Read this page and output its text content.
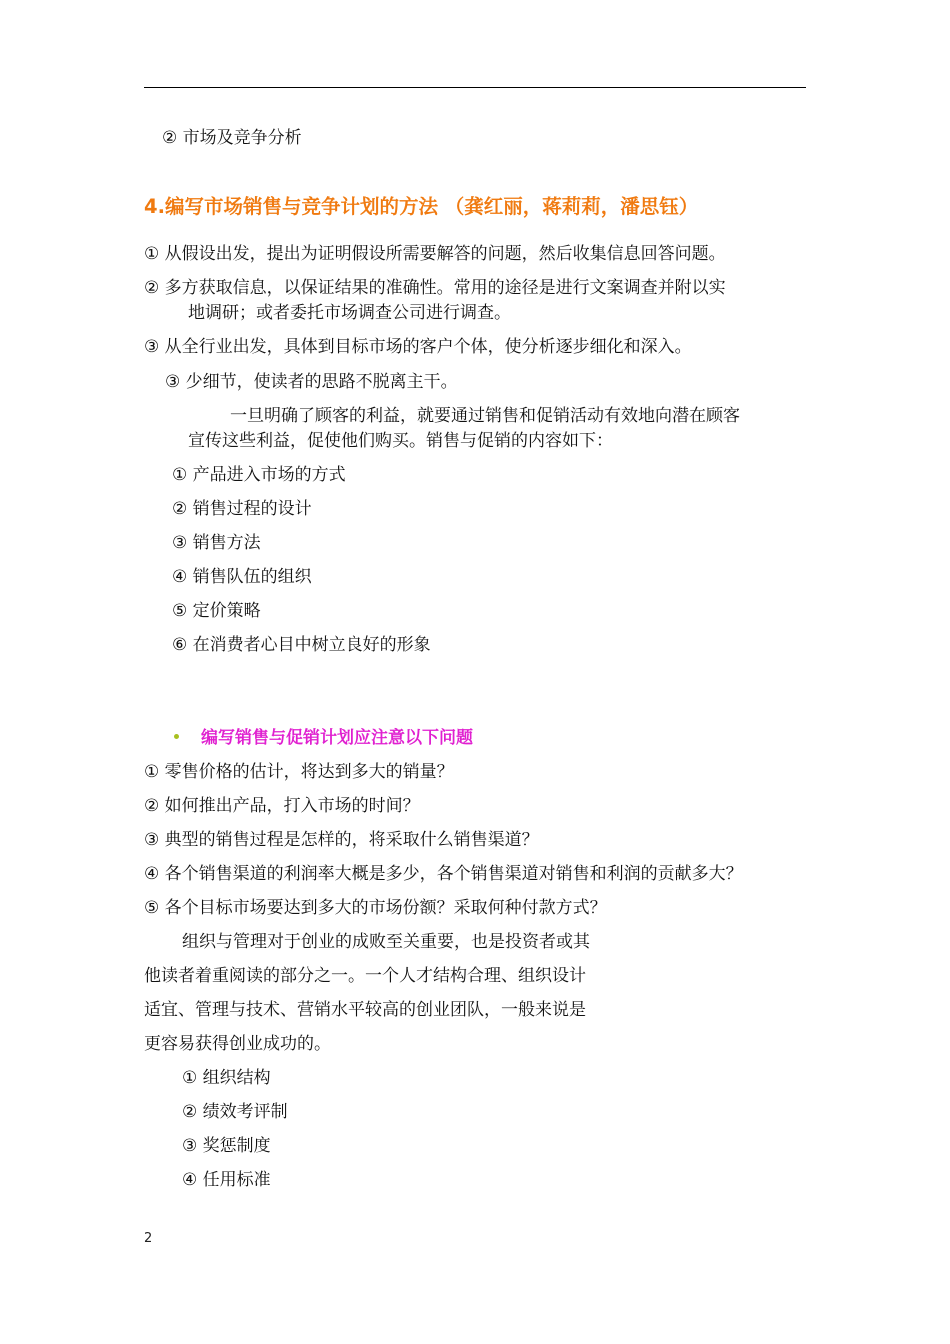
② 市场及竞争分析
4.编写市场销售与竞争计划的方法 （龚红丽，蒋莉莉，潘思钰）
① 从假设出发，提出为证明假设所需要解答的问题，然后收集信息回答问题。
② 多方获取信息，以保证结果的准确性。常用的途径是进行文案调查并附以实
地调研；或者委托市场调查公司进行调查。
③ 从全行业出发，具体到目标市场的客户个体，使分析逐步细化和深入。
③ 少细节，使读者的思路不脱离主干。
一旦明确了顾客的利益，就要通过销售和促销活动有效地向潜在顾客
宣传这些利益，促使他们购买。销售与促销的内容如下：
① 产品进入市场的方式
② 销售过程的设计
③ 销售方法
④ 销售队伍的组织
⑤ 定价策略
⑥ 在消费者心目中树立良好的形象
编写销售与促销计划应注意以下问题
① 零售价格的估计，将达到多大的销量？
② 如何推出产品，打入市场的时间？
③ 典型的销售过程是怎样的，将采取什么销售渠道？
④ 各个销售渠道的利润率大概是多少，各个销售渠道对销售和利润的贡献多大？
⑤ 各个目标市场要达到多大的市场份额？采取何种付款方式？
组织与管理对于创业的成败至关重要，也是投资者或其
他读者着重阅读的部分之一。一个人才结构合理、组织设计
适宜、管理与技术、营销水平较高的创业团队，一般来说是
更容易获得创业成功的。
① 组织结构
② 绩效考评制
③ 奖惩制度
④ 任用标准
2
